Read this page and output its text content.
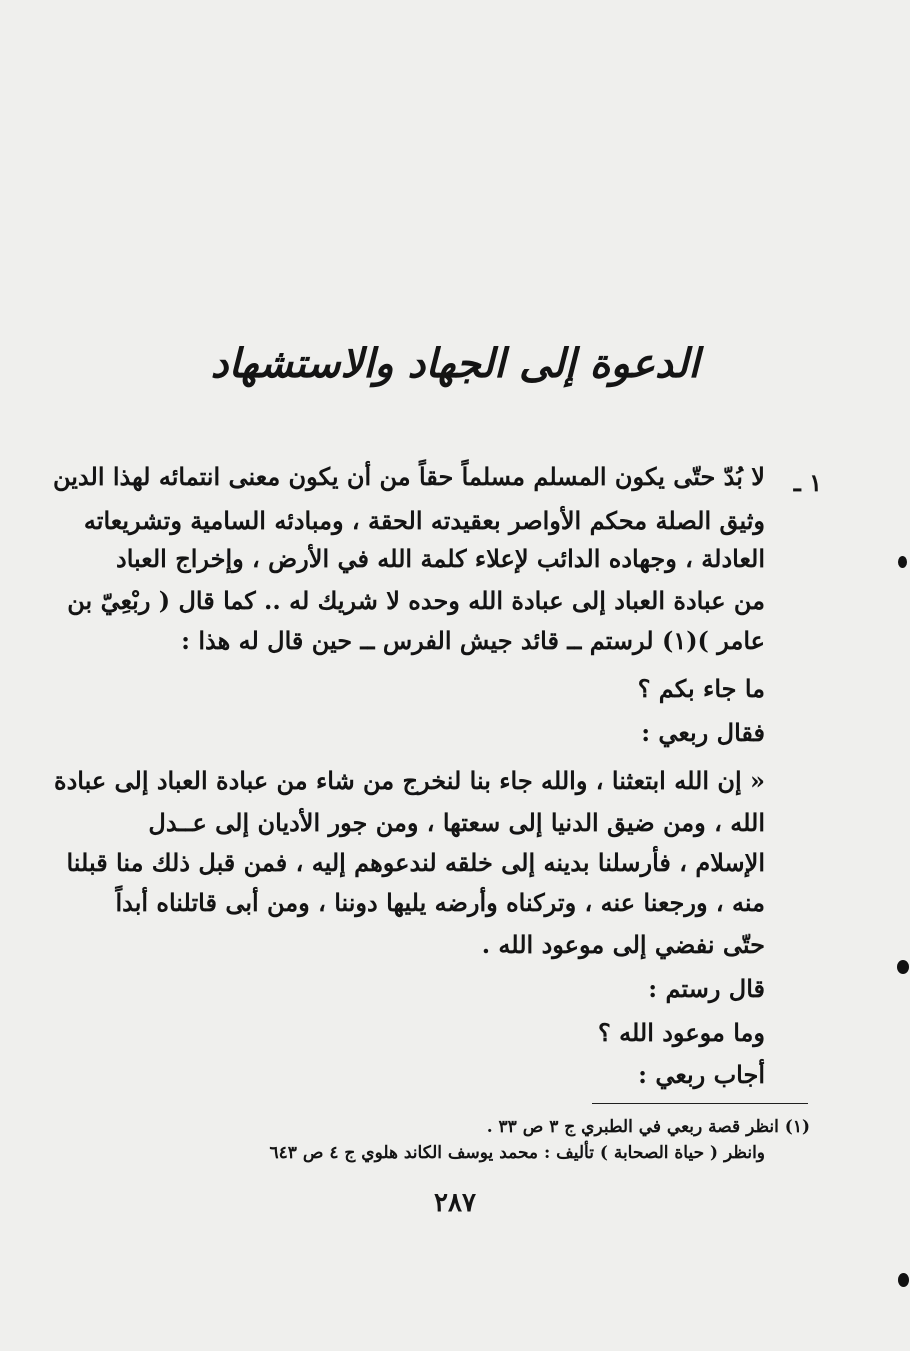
الدعوة إلى الجهاد والاستشهاد
١ ـ
لا بُدّ حتّى يكون المسلم مسلماً حقاً من أن يكون معنى انتمائه لهذا الدين
وثيق الصلة محكم الأواصر بعقيدته الحقة ، ومبادئه السامية وتشريعاته
العادلة ، وجهاده الدائب لإعلاء كلمة الله في الأرض ، وإخراج العباد
من عبادة العباد إلى عبادة الله وحده لا شريك له .. كما قال ( ربْعِيّ بن
عامر )(١) لرستم ــ قائد جيش الفرس ــ حين قال له هذا :
ما جاء بكم ؟
فقال ربعي :
« إن الله ابتعثنا ، والله جاء بنا لنخرج من شاء من عبادة العباد إلى عبادة
الله ، ومن ضيق الدنيا إلى سعتها ، ومن جور الأديان إلى عــدل
الإسلام ، فأرسلنا بدينه إلى خلقه لندعوهم إليه ، فمن قبل ذلك منا قبلنا
منه ، ورجعنا عنه ، وتركناه وأرضه يليها دوننا ، ومن أبى قاتلناه أبداً
حتّى نفضي إلى موعود الله .
قال رستم :
وما موعود الله ؟
أجاب ربعي :
(١) انظر قصة ربعي في الطبري ج ٣ ص ٣٣ .
وانظر ( حياة الصحابة ) تأليف : محمد يوسف الكاند هلوي ج ٤ ص ٦٤٣
٢٨٧
